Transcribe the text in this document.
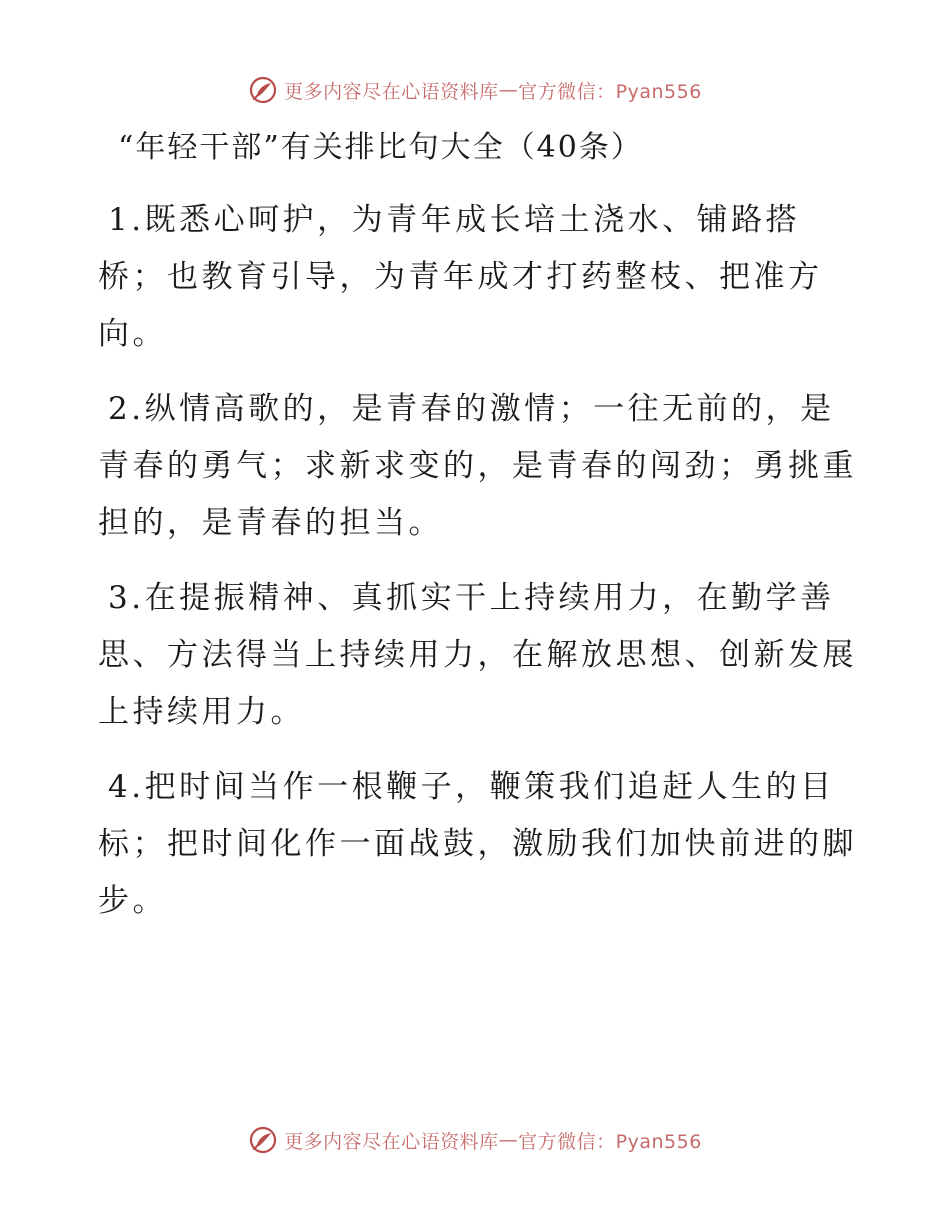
更多内容尽在心语资料库 — 官方微信：Pyan556
“年轻干部”有关排比句大全（40条）

1.既悉心呵护，为青年成长培土浇水、铺路搭桥；也教育引导，为青年成才打药整枝、把准方向。

2.纵情高歌的，是青春的激情；一往无前的，是青春的勇气；求新求变的，是青春的闯劲；勇挑重担的，是青春的担当。

3.在提振精神、真抓实干上持续用力，在勤学善思、方法得当上持续用力，在解放思想、创新发展上持续用力。

4.把时间当作一根鞭子，鞭策我们追赶人生的目标；把时间化作一面战鼓，激励我们加快前进的脚步。

更多内容尽在心语资料库 — 官方微信：Pyan556
